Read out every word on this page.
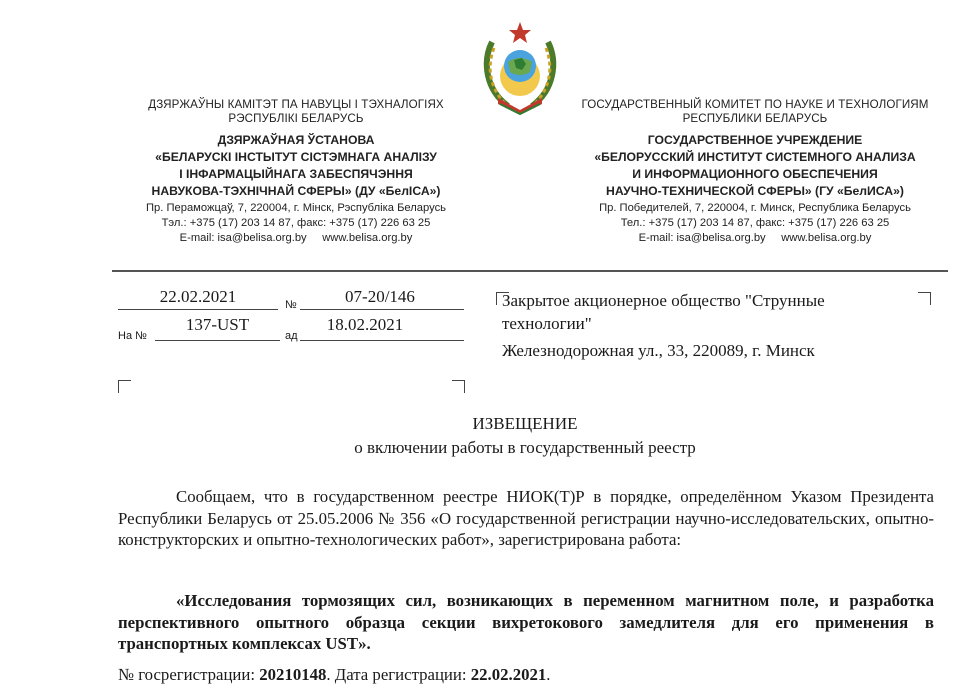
ДЗЯРЖАЎНЫ КАМІТЭТ ПА НАВУЦЫ І ТЭХНАЛОГІЯХ
РЭСПУБЛІКІ БЕЛАРУСЬ
ДЗЯРЖАЎНАЯ ЎСТАНОВА
«БЕЛАРУСКІ ІНСТЫТУТ СІСТЭМНАГА АНАЛІЗУ
І ІНФАРМАЦЫЙНАГА ЗАБЕСПЯЧЭННЯ
НАВУКОВА-ТЭХНІЧНАЙ СФЕРЫ» (ДУ «БелІСА»)
Пр. Пераможцаў, 7, 220004, г. Мінск, Рэспубліка Беларусь
Тэл.: +375 (17) 203 14 87, факс: +375 (17) 226 63 25
E-mail: isa@belisa.org.by     www.belisa.org.by
ГОСУДАРСТВЕННЫЙ КОМИТЕТ ПО НАУКЕ И ТЕХНОЛОГИЯМ
РЕСПУБЛИКИ БЕЛАРУСЬ
ГОСУДАРСТВЕННОЕ УЧРЕЖДЕНИЕ
«БЕЛОРУССКИЙ ИНСТИТУТ СИСТЕМНОГО АНАЛИЗА
И ИНФОРМАЦИОННОГО ОБЕСПЕЧЕНИЯ
НАУЧНО-ТЕХНИЧЕСКОЙ СФЕРЫ» (ГУ «БелИСА»)
Пр. Победителей, 7, 220004, г. Минск, Республика Беларусь
Тел.: +375 (17) 203 14 87, факс: +375 (17) 226 63 25
E-mail: isa@belisa.org.by     www.belisa.org.by
22.02.2021	№	07-20/146
На №
137-UST
ад
18.02.2021
Закрытое акционерное общество "Струнные
технологии"
Железнодорожная ул., 33, 220089, г. Минск
ИЗВЕЩЕНИЕ
о включении работы в государственный реестр
Сообщаем, что в государственном реестре НИОК(Т)Р в порядке, определённом Указом Президента Республики Беларусь от 25.05.2006 № 356 «О государственной регистрации научно-исследовательских, опытно-конструкторских и опытно-технологических работ», зарегистрирована работа:
«Исследования тормозящих сил, возникающих в переменном магнитном поле, и разработка перспективного опытного образца секции вихретокового замедлителя для его применения в транспортных комплексах UST».
№ госрегистрации: 20210148. Дата регистрации: 22.02.2021.
